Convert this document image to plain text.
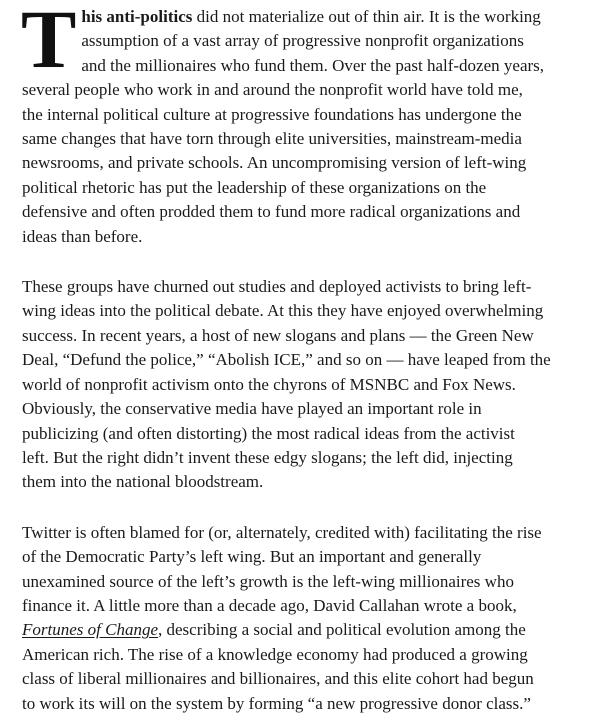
T his anti-politics did not materialize out of thin air. It is the working
assumption of a vast array of progressive nonprofit organizations
and the millionaires who fund them. Over the past half-dozen years,
several people who work in and around the nonprofit world have told me,
the internal political culture at progressive foundations has undergone the
same changes that have torn through elite universities, mainstream-media
newsrooms, and private schools. An uncompromising version of left-wing
political rhetoric has put the leadership of these organizations on the
defensive and often prodded them to fund more radical organizations and
ideas than before.

These groups have churned out studies and deployed activists to bring left-
wing ideas into the political debate. At this they have enjoyed overwhelming
success. In recent years, a host of new slogans and plans — the Green New
Deal, “Defund the police,” “Abolish ICE,” and so on — have leaped from the
world of nonprofit activism onto the chyrons of MSNBC and Fox News.
Obviously, the conservative media have played an important role in
publicizing (and often distorting) the most radical ideas from the activist
left. But the right didn’t invent these edgy slogans; the left did, injecting
them into the national bloodstream.

Twitter is often blamed for (or, alternately, credited with) facilitating the rise
of the Democratic Party’s left wing. But an important and generally
unexamined source of the left’s growth is the left-wing millionaires who
finance it. A little more than a decade ago, David Callahan wrote a book,
Fortunes of Change, describing a social and political evolution among the
American rich. The rise of a knowledge economy had produced a growing
class of liberal millionaires and billionaires, and this elite cohort had begun
to work its will on the system by forming “a new progressive donor class.”
